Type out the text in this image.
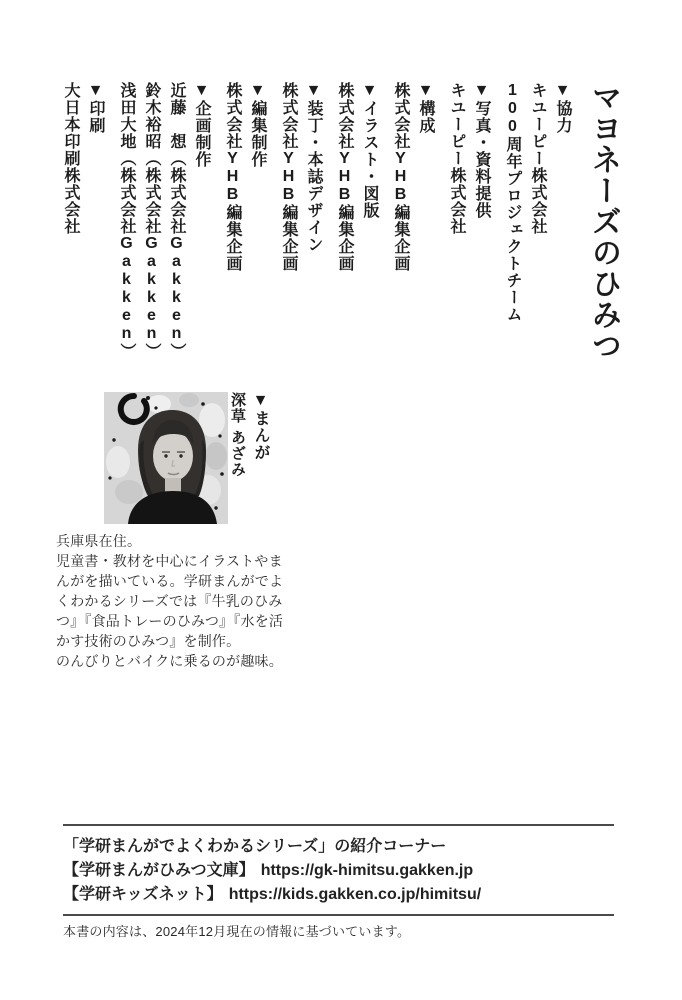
マヨネーズのひみつ
▼協力
キユーピー株式会社
100周年プロジェクトチーム
▼写真・資料提供
キユーピー株式会社
▼構成
株式会社YHB編集企画
▼イラスト・図版
株式会社YHB編集企画
▼装丁・本誌デザイン
株式会社YHB編集企画
▼編集制作
株式会社YHB編集企画
▼企画制作
近藤　想（株式会社Gakken）
鈴木裕昭（株式会社Gakken）
浅田大地（株式会社Gakken）
▼印刷
大日本印刷株式会社
▼まんが
深草 あざみ
兵庫県在住。
児童書・教材を中心にイラストやま
んがを描いている。学研まんがでよ
くわかるシリーズでは『牛乳のひみ
つ』『食品トレーのひみつ』『水を活
かす技術のひみつ』を制作。
のんびりとバイクに乗るのが趣味。
「学研まんがでよくわかるシリーズ」の紹介コーナー
【学研まんがひみつ文庫】 https://gk-himitsu.gakken.jp
【学研キッズネット】 https://kids.gakken.co.jp/himitsu/
本書の内容は、2024年12月現在の情報に基づいています。
